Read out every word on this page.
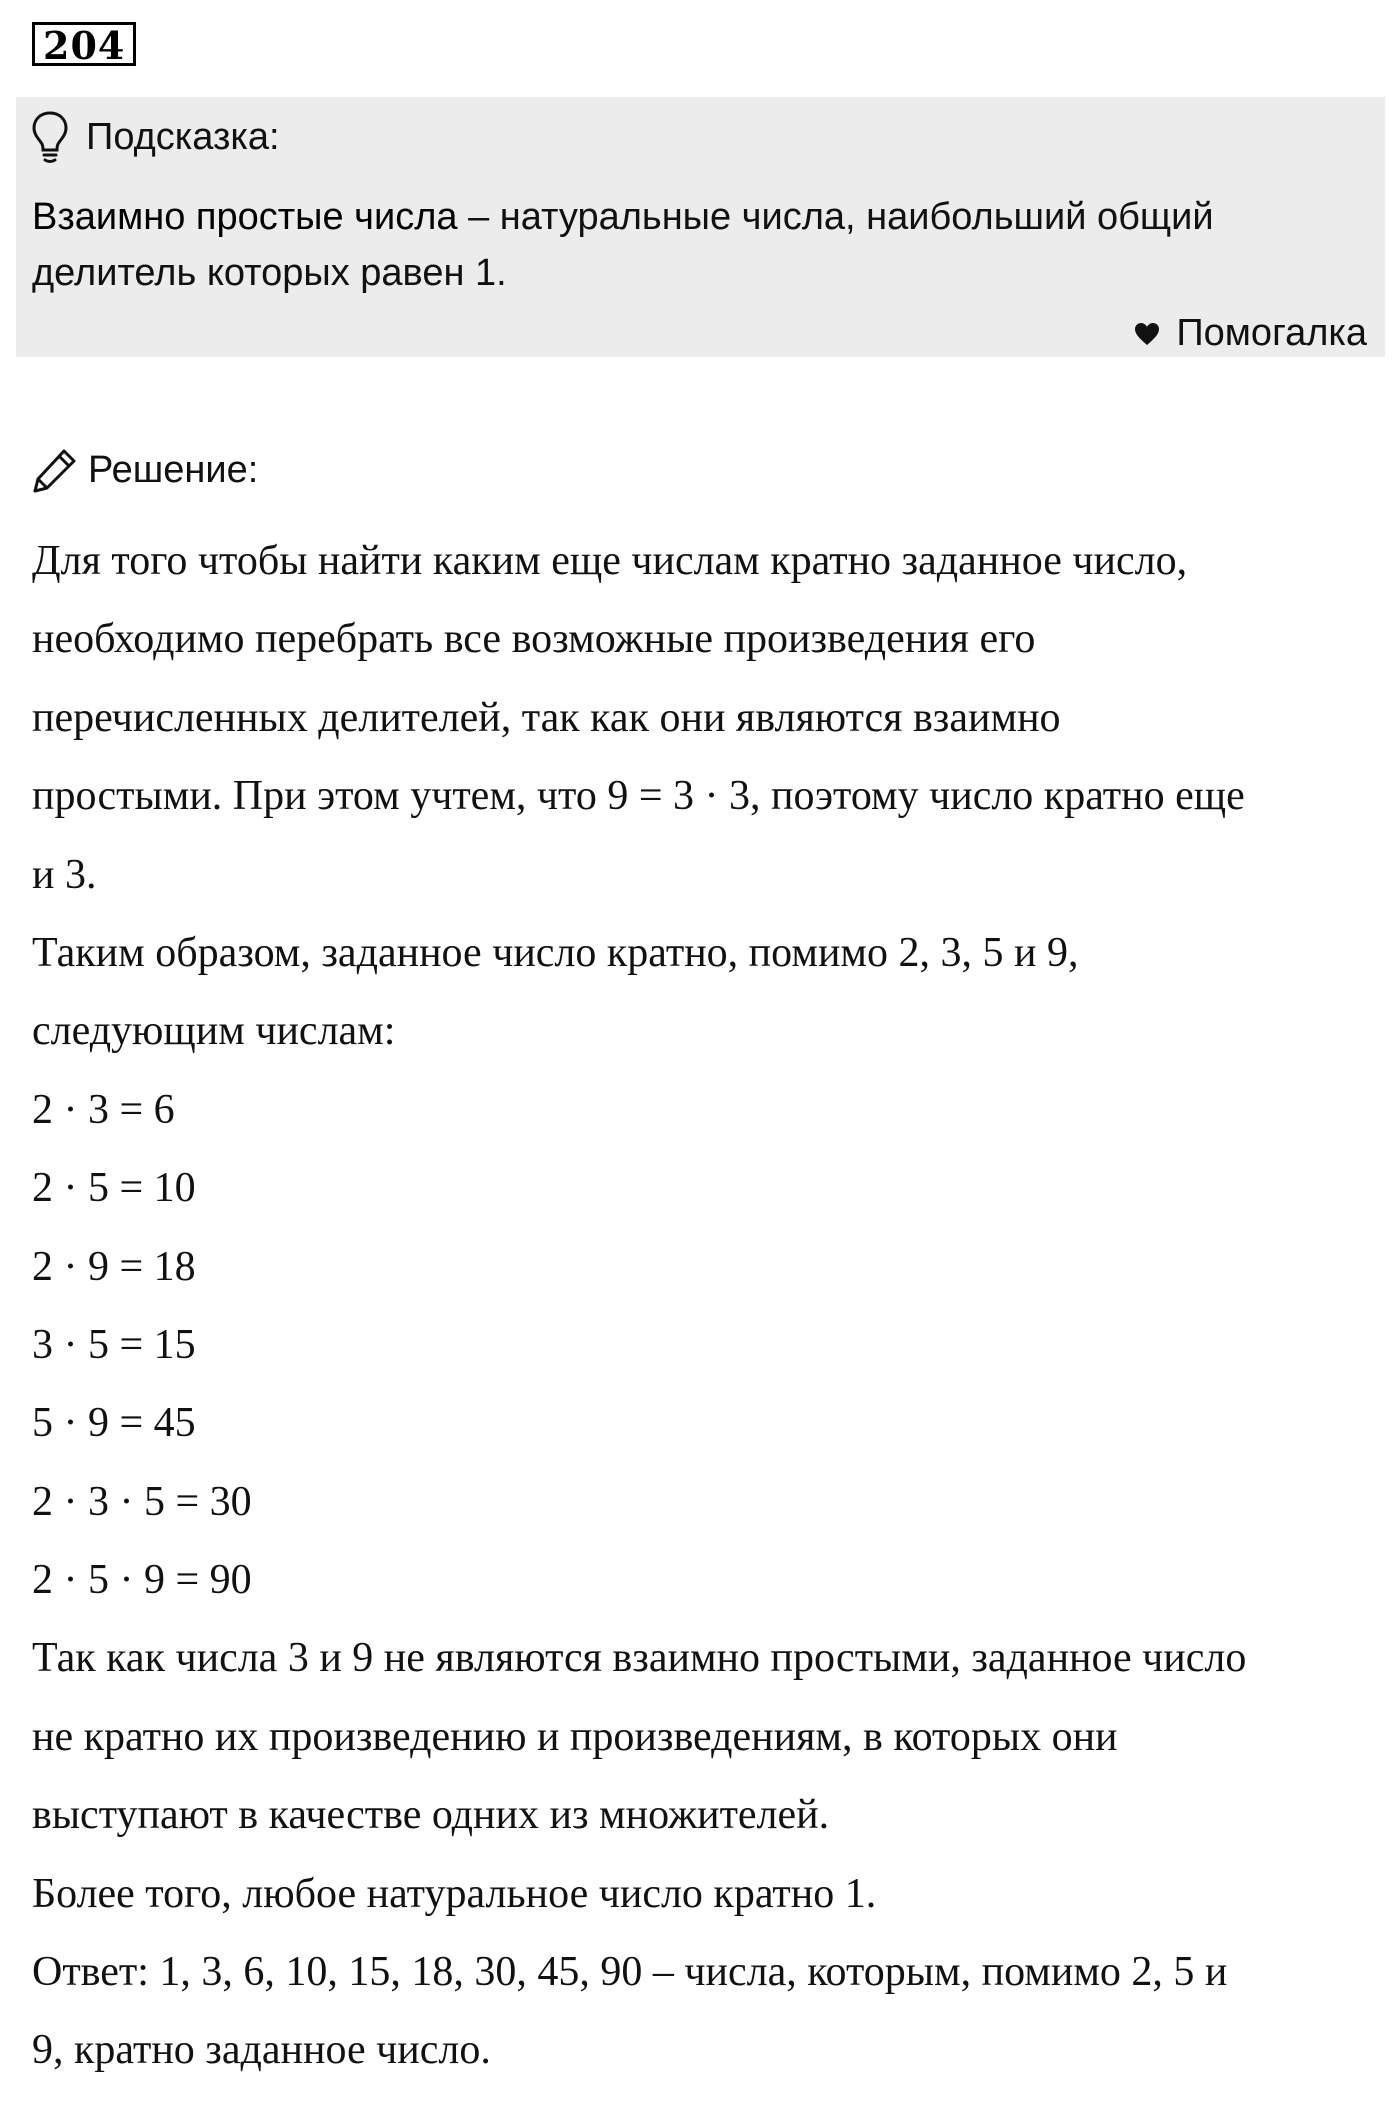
204
Подсказка:
Взаимно простые числа – натуральные числа, наибольший общий
делитель которых равен 1.
Помогалка
Решение:
Для того чтобы найти каким еще числам кратно заданное число,
необходимо перебрать все возможные произведения его
перечисленных делителей, так как они являются взаимно
простыми. При этом учтем, что 9 = 3 · 3, поэтому число кратно еще
и 3.
Таким образом, заданное число кратно, помимо 2, 3, 5 и 9,
следующим числам:
2 · 3 = 6
2 · 5 = 10
2 · 9 = 18
3 · 5 = 15
5 · 9 = 45
2 · 3 · 5 = 30
2 · 5 · 9 = 90
Так как числа 3 и 9 не являются взаимно простыми, заданное число
не кратно их произведению и произведениям, в которых они
выступают в качестве одних из множителей.
Более того, любое натуральное число кратно 1.
Ответ: 1, 3, 6, 10, 15, 18, 30, 45, 90 – числа, которым, помимо 2, 5 и
9, кратно заданное число.
